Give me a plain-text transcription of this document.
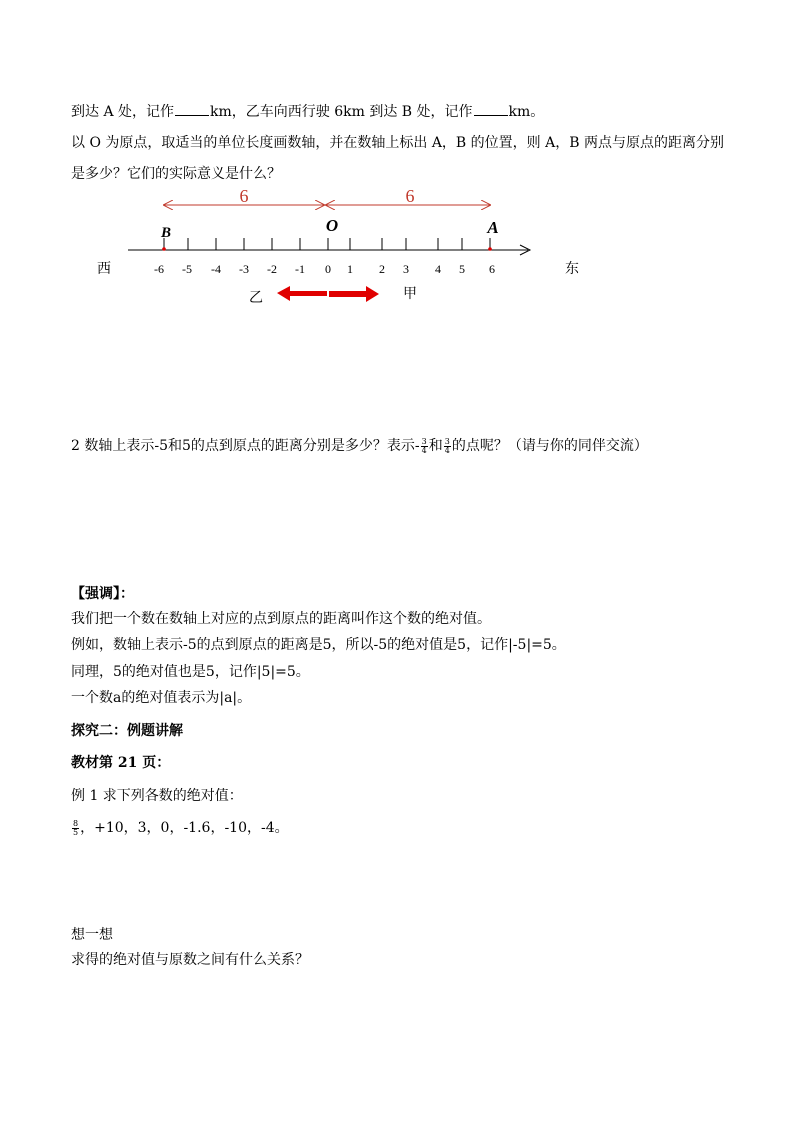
到达 A 处，记作	km，乙车向西行驶 6km 到达 B 处，记作	km。
以 O 为原点，取适当的单位长度画数轴，并在数轴上标出 A，B 的位置，则 A，B 两点与原点的距离分别
是多少？它们的实际意义是什么？
6	6
B	O	A
-6 -5 -4 -3 -2 -1 0 1 2 3 4 5 6
西	东
乙	甲
2 数轴上表示-5和5的点到原点的距离分别是多少？表示- $\frac{3}{4}$ 和 $\frac{3}{4}$ 的点呢？（请与你的同伴交流）
【强调】：
我们把一个数在数轴上对应的点到原点的距离叫作这个数的绝对值。
例如，数轴上表示-5的点到原点的距离是5，所以-5的绝对值是5，记作|-5|=5。
同理，5的绝对值也是5，记作|5|=5。
一个数a的绝对值表示为|a|。
探究二：例题讲解
教材第 21 页：
例 1 求下列各数的绝对值：
$\frac{8}{5}$ ，+10，3，0，-1.6，-10，-4。
想一想
求得的绝对值与原数之间有什么关系？
